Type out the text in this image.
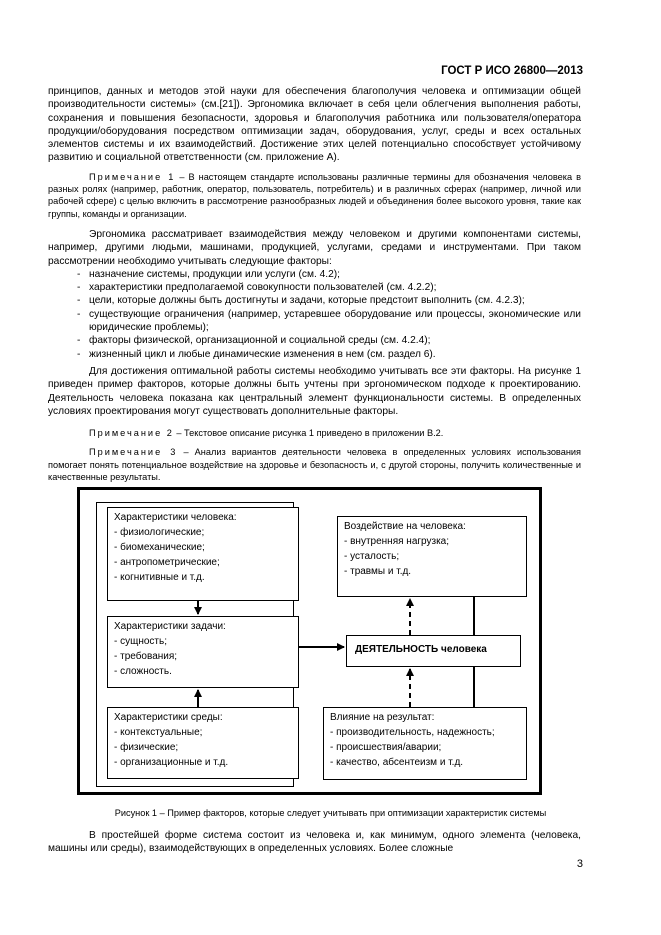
ГОСТ Р ИСО 26800—2013

принципов, данных и методов этой науки для обеспечения благополучия человека и оптимизации общей производительности системы» (см.[21]). Эргономика включает в себя цели облегчения выполнения работы, сохранения и повышения безопасности, здоровья и благополучия работника или пользователя/оператора продукции/оборудования посредством оптимизации задач, оборудования, услуг, среды и всех остальных элементов системы и их взаимодействий. Достижение этих целей потенциально способствует устойчивому развитию и социальной ответственности (см. приложение А).

Примечание 1 – В настоящем стандарте использованы различные термины для обозначения человека в разных ролях (например, работник, оператор, пользователь, потребитель) и в различных сферах (например, личной или рабочей сфере) с целью включить в рассмотрение разнообразных людей и объединения более высокого уровня, такие как группы, команды и организации.

Эргономика рассматривает взаимодействия между человеком и другими компонентами системы, например, другими людьми, машинами, продукцией, услугами, средами и инструментами. При таком рассмотрении необходимо учитывать следующие факторы:

- назначение системы, продукции или услуги (см. 4.2);
- характеристики предполагаемой совокупности пользователей (см. 4.2.2);
- цели, которые должны быть достигнуты и задачи, которые предстоит выполнить (см. 4.2.3);
- существующие ограничения (например, устаревшее оборудование или процессы, экономические или юридические проблемы);
- факторы физической, организационной и социальной среды (см. 4.2.4);
- жизненный цикл и любые динамические изменения в нем (см. раздел 6).

Для достижения оптимальной работы системы необходимо учитывать все эти факторы. На рисунке 1 приведен пример факторов, которые должны быть учтены при эргономическом подходе к проектированию. Деятельность человека показана как центральный элемент функциональности системы. В определенных условиях проектирования могут существовать дополнительные факторы.

Примечание 2 – Текстовое описание рисунка 1 приведено в приложении В.2.

Примечание 3 – Анализ вариантов деятельности человека в определенных условиях использования помогает понять потенциальное воздействие на здоровье и безопасность и, с другой стороны, получить количественные и качественные результаты.

Характеристики человека:

- физиологические;
- биомеханические;
- антропометрические;
- когнитивные и т.д.

Характеристики задачи:

- сущность;
- требования;
- сложность.

Характеристики среды:

- контекстуальные;
- физические;
- организационные и т.д.

Воздействие на человека:

- внутренняя нагрузка;
- усталость;
- травмы и т.д.
ДЕЯТЕЛЬНОСТЬ человека

Влияние на результат:

- производительность, надежность;
- происшествия/аварии;
- качество, абсентеизм и т.д.
Рисунок 1 – Пример факторов, которые следует учитывать при оптимизации характеристик системы

В простейшей форме система состоит из человека и, как минимум, одного элемента (человека, машины или среды), взаимодействующих в определенных условиях. Более сложные

3
